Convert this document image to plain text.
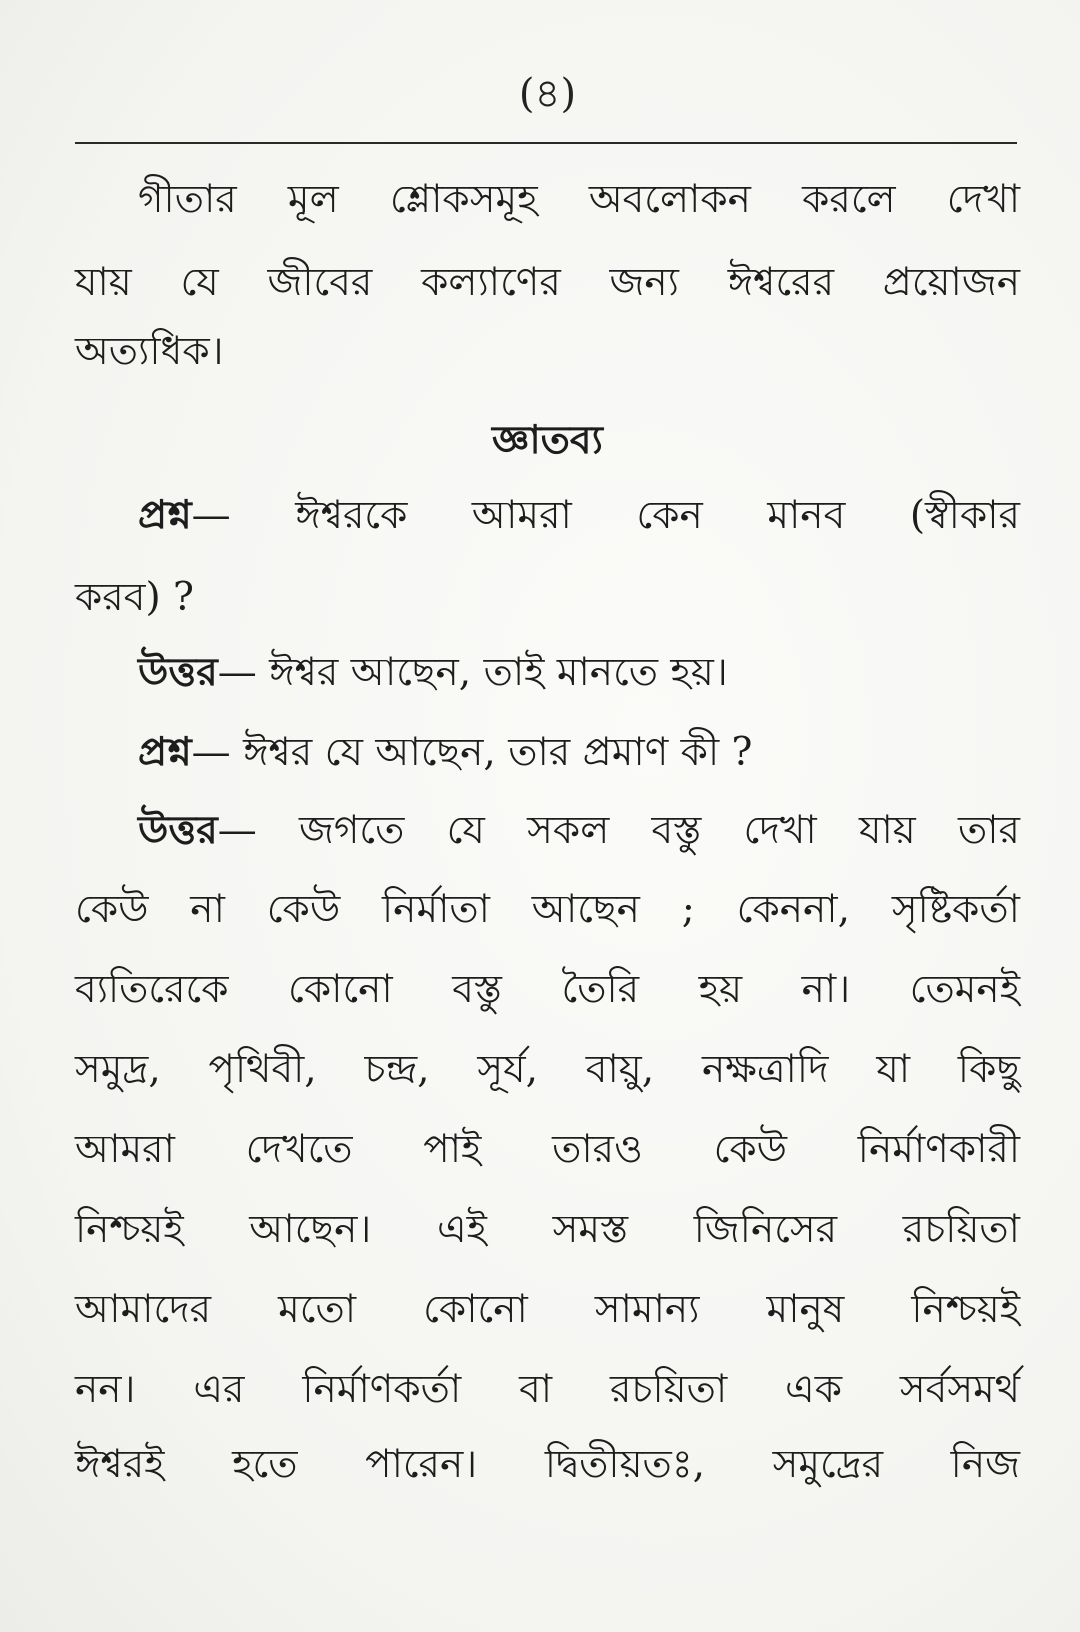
(৪)
গীতার মূল শ্লোকসমূহ অবলোকন করলে দেখা
যায় যে জীবের কল্যাণের জন্য ঈশ্বরের প্রয়োজন
অত্যধিক।
জ্ঞাতব্য
প্রশ্ন— ঈশ্বরকে আমরা কেন মানব (স্বীকার
করব) ?
উত্তর— ঈশ্বর আছেন, তাই মানতে হয়।
প্রশ্ন— ঈশ্বর যে আছেন, তার প্রমাণ কী ?
উত্তর— জগতে যে সকল বস্তু দেখা যায় তার
কেউ না কেউ নির্মাতা আছেন ; কেননা, সৃষ্টিকর্তা
ব্যতিরেকে কোনো বস্তু তৈরি হয় না। তেমনই
সমুদ্র, পৃথিবী, চন্দ্র, সূর্য, বায়ু, নক্ষত্রাদি যা কিছু
আমরা দেখতে পাই তারও কেউ নির্মাণকারী
নিশ্চয়ই আছেন। এই সমস্ত জিনিসের রচয়িতা
আমাদের মতো কোনো সামান্য মানুষ নিশ্চয়ই
নন। এর নির্মাণকর্তা বা রচয়িতা এক সর্বসমর্থ
ঈশ্বরই হতে পারেন। দ্বিতীয়তঃ, সমুদ্রের নিজ
